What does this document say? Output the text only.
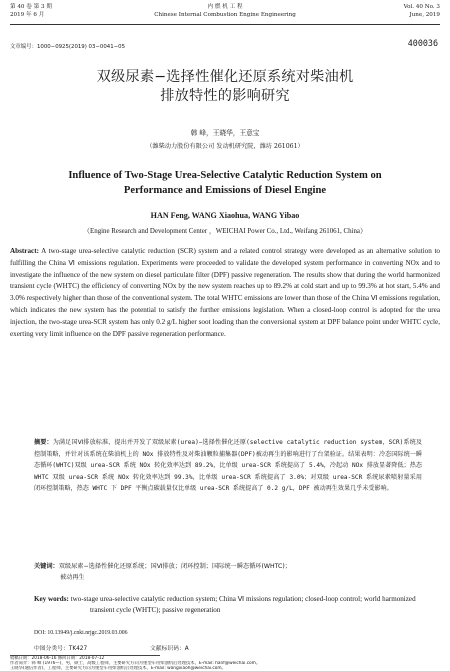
第 40 卷 第 3 期
2019 年 6 月
内 燃 机 工 程
Chinese Internal Combustion Engine Engineering
Vol. 40 No. 3
June, 2019
文章编号：1000−0925(2019) 03−0041−05	400036
双级尿素−选择性催化还原系统对柴油机
排放特性的影响研究
韩 峰，王晓华，王意宝
（潍柴动力股份有限公司 发动机研究院，潍坊 261061）
Influence of Two-Stage Urea-Selective Catalytic Reduction System on
Performance and Emissions of Diesel Engine
HAN Feng, WANG Xiaohua, WANG Yibao
（Engine Research and Development Center ，WEICHAI Power Co., Ltd., Weifang 261061, China）
Abstract: A two-stage urea-selective catalytic reduction (SCR) system and a related control strategy were developed as an alternative solution to fulfilling the China Ⅵ emissions regulation. Experiments were proceeded to validate the developed system performance in converting NOx and to investigate the influence of the new system on diesel particulate filter (DPF) passive regeneration. The results show that during the world harmonized transient cycle (WHTC) the efficiency of converting NOx by the new system reaches up to 89.2% at cold start and up to 99.3% at hot start, 5.4% and 3.0% respectively higher than those of the conventional system. The total WHTC emissions are lower than those of the China Ⅵ emissions regulation, which indicates the new system has the potential to satisfy the further emissions legislation. When a closed-loop control is adopted for the urea injection, the two-stage urea-SCR system has only 0.2 g/L higher soot loading than the conversional system at DPF balance point under WHTC cycle, exerting very limit influence on the DPF passive regeneration performance.
摘要：为满足国Ⅵ排放标准，提出并开发了双级尿素(urea)−选择性催化还原(selective catalytic reduction system，SCR)系统及控制策略，并针对该系统在柴油机上的 NOx 排放特性及对柴油颗粒捕集器(DPF)被动再生的影响进行了台架验证。结果表明：冷态国际统一瞬态循环(WHTC)双级 urea-SCR 系统 NOx 转化效率达到 89.2%，比单级 urea-SCR 系统提高了 5.4%，冷起动 NOx 排放显著降低；热态 WHTC 双级 urea-SCR 系统 NOx 转化效率达到 99.3%，比单级 urea-SCR 系统提高了 3.0%；对双级 urea-SCR 系统尿素喷射量采用闭环控制策略，热态 WHTC 下 DPF 平衡点碳载量仅比单级 urea-SCR 系统提高了 0.2 g/L，DPF 被动再生效果几乎未受影响。
关键词：双级尿素−选择性催化还原系统；国Ⅵ排放；闭环控制；国际统一瞬态循环(WHTC)；
被动再生
Key words: two-stage urea-selective catalytic reduction system; China Ⅵ missions regulation; closed-loop control; world harmonized transient cycle (WHTC); passive regeneration
DOI: 10.13949/j.cnki.nrjgc.2019.03.006
中图分类号：TK427	文献标识码：A
收稿日期：2018-06-16 修回日期：2018-07-12
作者简介：韩 峰 (1976—)，男，硕士，高级工程师，主要研究方向为重型车用柴油机后处理技术，E-mail: hanf@weichai.com。
王晓华(通信作者)，工程师，主要研究方向为重型车用柴油机后处理技术，E-mail: wangxiaoh@weichai.com。
